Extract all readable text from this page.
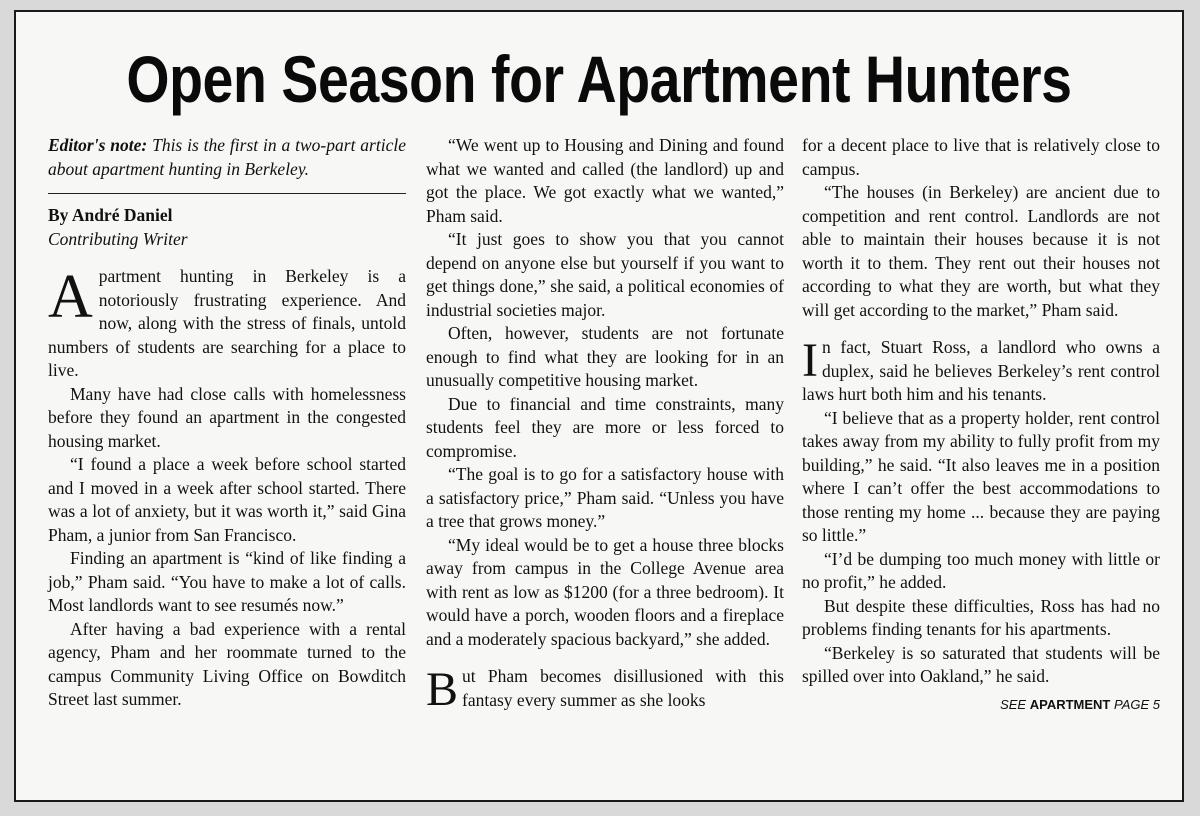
Open Season for Apartment Hunters

Editor's note: This is the first in a two-part article about apartment hunting in Berkeley.

By André Daniel

Contributing Writer

Apartment hunting in Berkeley is a notoriously frustrating experience. And now, along with the stress of finals, untold numbers of students are searching for a place to live.

Many have had close calls with homelessness before they found an apartment in the congested housing market.

“I found a place a week before school started and I moved in a week after school started. There was a lot of anxiety, but it was worth it,” said Gina Pham, a junior from San Francisco.

Finding an apartment is “kind of like finding a job,” Pham said. “You have to make a lot of calls. Most landlords want to see resumés now.”

After having a bad experience with a rental agency, Pham and her roommate turned to the campus Community Living Office on Bowditch Street last summer.

“We went up to Housing and Dining and found what we wanted and called (the landlord) up and got the place. We got exactly what we wanted,” Pham said.

“It just goes to show you that you cannot depend on anyone else but yourself if you want to get things done,” she said, a political economies of industrial societies major.

Often, however, students are not fortunate enough to find what they are looking for in an unusually competitive housing market.

Due to financial and time constraints, many students feel they are more or less forced to compromise.

“The goal is to go for a satisfactory house with a satisfactory price,” Pham said. “Unless you have a tree that grows money.”

“My ideal would be to get a house three blocks away from campus in the College Avenue area with rent as low as $1200 (for a three bedroom). It would have a porch, wooden floors and a fireplace and a moderately spacious backyard,” she added.

But Pham becomes disillusioned with this fantasy every summer as she looks

for a decent place to live that is relatively close to campus.

“The houses (in Berkeley) are ancient due to competition and rent control. Landlords are not able to maintain their houses because it is not worth it to them. They rent out their houses not according to what they are worth, but what they will get according to the market,” Pham said.

In fact, Stuart Ross, a landlord who owns a duplex, said he believes Berkeley’s rent control laws hurt both him and his tenants.

“I believe that as a property holder, rent control takes away from my ability to fully profit from my building,” he said. “It also leaves me in a position where I can’t offer the best accommodations to those renting my home ... because they are paying so little.”

“I’d be dumping too much money with little or no profit,” he added.

But despite these difficulties, Ross has had no problems finding tenants for his apartments.

“Berkeley is so saturated that students will be spilled over into Oakland,” he said.

SEE APARTMENT PAGE 5
